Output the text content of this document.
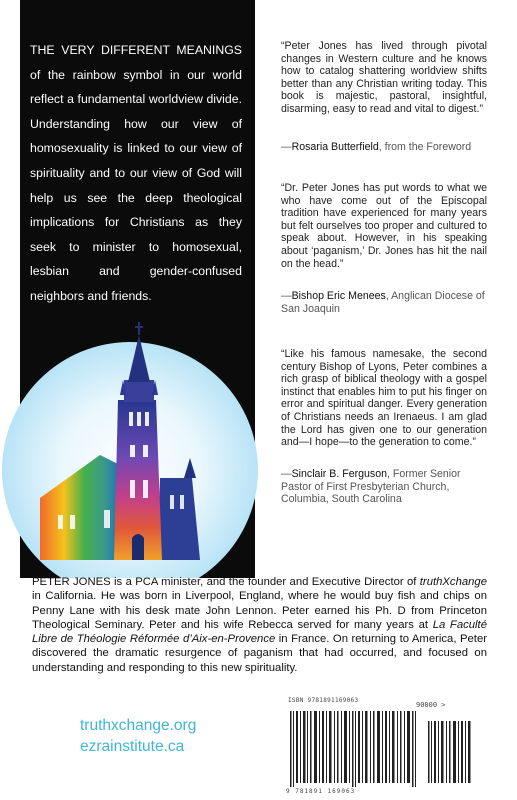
THE VERY DIFFERENT MEANINGS of the rainbow symbol in our world reflect a fundamental worldview divide. Understanding how our view of homosexuality is linked to our view of spirituality and to our view of God will help us see the deep theological implications for Christians as they seek to minister to homosexual, lesbian and gender-confused neighbors and friends.

“Peter Jones has lived through pivotal changes in Western culture and he knows how to catalog shattering worldview shifts better than any Christian writing today. This book is majestic, pastoral, insightful, disarming, easy to read and vital to digest.”

—Rosaria Butterfield, from the Foreword

“Dr. Peter Jones has put words to what we who have come out of the Episcopal tradition have experienced for many years but felt ourselves too proper and cultured to speak about. However, in his speaking about ‘paganism,’ Dr. Jones has hit the nail on the head.”

—Bishop Eric Menees, Anglican Diocese of San Joaquin

“Like his famous namesake, the second century Bishop of Lyons, Peter combines a rich grasp of biblical theology with a gospel instinct that enables him to put his finger on error and spiritual danger. Every generation of Christians needs an Irenaeus. I am glad the Lord has given one to our generation and—I hope—to the generation to come.”

—Sinclair B. Ferguson, Former Senior Pastor of First Presbyterian Church, Columbia, South Carolina

PETER JONES is a PCA minister, and the founder and Executive Director of truthXchange in California. He was born in Liverpool, England, where he would buy fish and chips on Penny Lane with his desk mate John Lennon. Peter earned his Ph. D from Princeton Theological Seminary. Peter and his wife Rebecca served for many years at La Faculté Libre de Théologie Réformée d’Aix-en-Provence in France. On returning to America, Peter discovered the dramatic resurgence of paganism that had occurred, and focused on understanding and responding to this new spirituality.

truthxchange.org
ezrainstitute.ca
ISBN 9781891169063
90000 >
9 781891 169063
